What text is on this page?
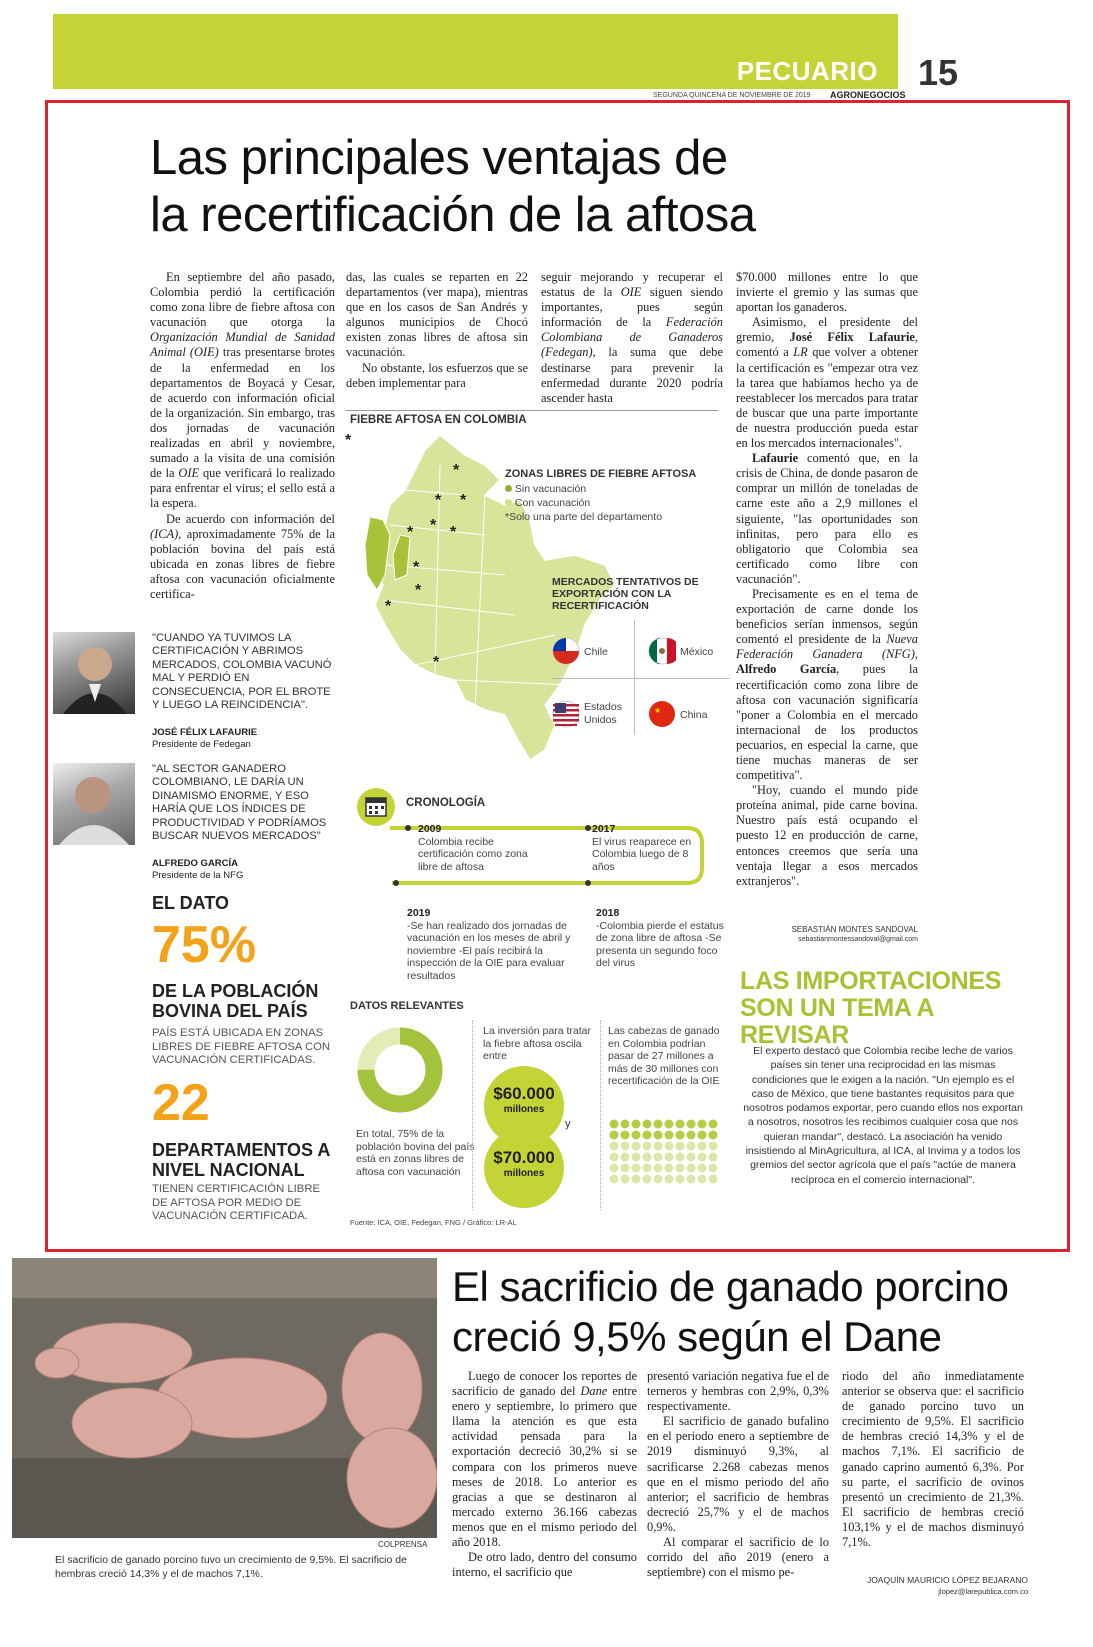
PECUARIO 15
SEGUNDA QUINCENA DE NOVIEMBRE DE 2019 AGRONEGOCIOS
Las principales ventajas de
la recertificación de la aftosa

En septiembre del año pasado, Colombia perdió la certificación como zona libre de fiebre aftosa con vacunación que otorga la Organización Mundial de Sanidad Animal (OIE) tras presentarse brotes de la enfermedad en los departamentos de Boyacá y Cesar, de acuerdo con información oficial de la organización. Sin embargo, tras dos jornadas de vacunación realizadas en abril y noviembre, sumado a la visita de una comisión de la OIE que verificará lo realizado para enfrentar el virus; el sello está a la espera.

De acuerdo con información del (ICA), aproximadamente 75% de la población bovina del país está ubicada en zonas libres de fiebre aftosa con vacunación oficialmente certifica-

das, las cuales se reparten en 22 departamentos (ver mapa), mientras que en los casos de San Andrés y algunos municipios de Chocó existen zonas libres de aftosa sin vacunación.

No obstante, los esfuerzos que se deben implementar para

seguir mejorando y recuperar el estatus de la OIE siguen siendo importantes, pues según información de la Federación Colombiana de Ganaderos (Fedegan), la suma que debe destinarse para prevenir la enfermedad durante 2020 podría ascender hasta

$70.000 millones entre lo que invierte el gremio y las sumas que aportan los ganaderos.

Asimismo, el presidente del gremio, José Félix Lafaurie, comentó a LR que volver a obtener la certificación es "empezar otra vez la tarea que habíamos hecho ya de reestablecer los mercados para tratar de buscar que una parte importante de nuestra producción pueda estar en los mercados internacionales".

Lafaurie comentó que, en la crisis de China, de donde pasaron de comprar un millón de toneladas de carne este año a 2,9 millones el siguiente, "las oportunidades son infinitas, pero para ello es obligatorio que Colombia sea certificado como libre con vacunación".

Precisamente es en el tema de exportación de carne donde los beneficios serían inmensos, según comentó el presidente de la Nueva Federación Ganadera (NFG), Alfredo García, pues la recertificación como zona libre de aftosa con vacunación significaría "poner a Colombia en el mercado internacional de los productos pecuarios, en especial la carne, que tiene muchas maneras de ser competitiva".

"Hoy, cuando el mundo pide proteína animal, pide carne bovina. Nuestro país está ocupando el puesto 12 en producción de carne, entonces creemos que sería una ventaja llegar a esos mercados extranjeros".

SEBASTIÁN MONTES SANDOVAL
sebastianmontessandoval@gmail.com
"CUANDO YA TUVIMOS LA CERTIFICACIÓN Y ABRIMOS MERCADOS, COLOMBIA VACUNÓ MAL Y PERDIÓ EN CONSECUENCIA, POR EL BROTE Y LUEGO LA REINCIDENCIA".
JOSÉ FÉLIX LAFAURIE
Presidente de Fedegan
"AL SECTOR GANADERO COLOMBIANO, LE DARÍA UN DINAMISMO ENORME, Y ESO HARÍA QUE LOS ÍNDICES DE PRODUCTIVIDAD Y PODRÍAMOS BUSCAR NUEVOS MERCADOS"
ALFREDO GARCÍA
Presidente de la NFG
EL DATO
75%
DE LA POBLACIÓN BOVINA DEL PAÍS
PAÍS ESTÁ UBICADA EN ZONAS LIBRES DE FIEBRE AFTOSA CON VACUNACIÓN CERTIFICADAS.
22
DEPARTAMENTOS A NIVEL NACIONAL
TIENEN CERTIFICACIÓN LIBRE DE AFTOSA POR MEDIO DE VACUNACIÓN CERTIFICADA.
FIEBRE AFTOSA EN COLOMBIA
*
*
* *
*
*
*
*
*
*
*
ZONAS LIBRES DE FIEBRE AFTOSA
Sin vacunación
Con vacunación
*Solo una parte del departamento
MERCADOS TENTATIVOS DE EXPORTACIÓN CON LA RECERTIFICACIÓN
Chile	México
Estados Unidos
★ China
CRONOLOGÍA
2009
Colombia recibe certificación como zona libre de aftosa
2017
El virus reaparece en Colombia luego de 8 años
2019
-Se han realizado dos jornadas de vacunación en los meses de abril y noviembre -El país recibirá la inspección de la OIE para evaluar resultados
2018
-Colombia pierde el estatus de zona libre de aftosa -Se presenta un segundo foco del virus
DATOS RELEVANTES
En total, 75% de la población bovina del país está en zonas libres de aftosa con vacunación
La inversión para tratar la fiebre aftosa oscila entre
$60.000
millones
y
$70.000
millones
Las cabezas de ganado en Colombia podrían pasar de 27 millones a más de 30 millones con recertificación de la OIE
Fuente: ICA, OIE, Fedegan, FNG / Gráfico: LR-AL
LAS IMPORTACIONES SON UN TEMA A REVISAR
El experto destacó que Colombia recibe leche de varios países sin tener una reciprocidad en las mismas condiciones que le exigen a la nación. "Un ejemplo es el caso de México, que tiene bastantes requisitos para que nosotros podamos exportar, pero cuando ellos nos exportan a nosotros, nosotros les recibimos cualquier cosa que nos quieran mandar", destacó. La asociación ha venido insistiendo al MinAgricultura, al ICA, al Invima y a todos los gremios del sector agrícola que el país "actúe de manera recíproca en el comercio internacional".
COLPRENSA
El sacrificio de ganado porcino tuvo un crecimiento de 9,5%. El sacrificio de hembras creció 14,3% y el de machos 7,1%.
El sacrificio de ganado porcino
creció 9,5% según el Dane

Luego de conocer los reportes de sacrificio de ganado del Dane entre enero y septiembre, lo primero que llama la atención es que esta actividad pensada para la exportación decreció 30,2% si se compara con los primeros nueve meses de 2018. Lo anterior es gracias a que se destinaron al mercado externo 36.166 cabezas menos que en el mismo periodo del año 2018.

De otro lado, dentro del consumo interno, el sacrificio que

presentó variación negativa fue el de terneros y hembras con 2,9%, 0,3% respectivamente.

El sacrificio de ganado bufalino en el periodo enero a septiembre de 2019 disminuyó 9,3%, al sacrificarse 2.268 cabezas menos que en el mismo periodo del año anterior; el sacrificio de hembras decreció 25,7% y el de machos 0,9%.

Al comparar el sacrificio de lo corrido del año 2019 (enero a septiembre) con el mismo pe-

riodo del año inmediatamente anterior se observa que: el sacrificio de ganado porcino tuvo un crecimiento de 9,5%. El sacrificio de hembras creció 14,3% y el de machos 7,1%. El sacrificio de ganado caprino aumentó 6,3%. Por su parte, el sacrificio de ovinos presentó un crecimiento de 21,3%. El sacrificio de hembras creció 103,1% y el de machos disminuyó 7,1%.

JOAQUÍN MAURICIO LÓPEZ BEJARANO
jlopez@larepublica.com.co
